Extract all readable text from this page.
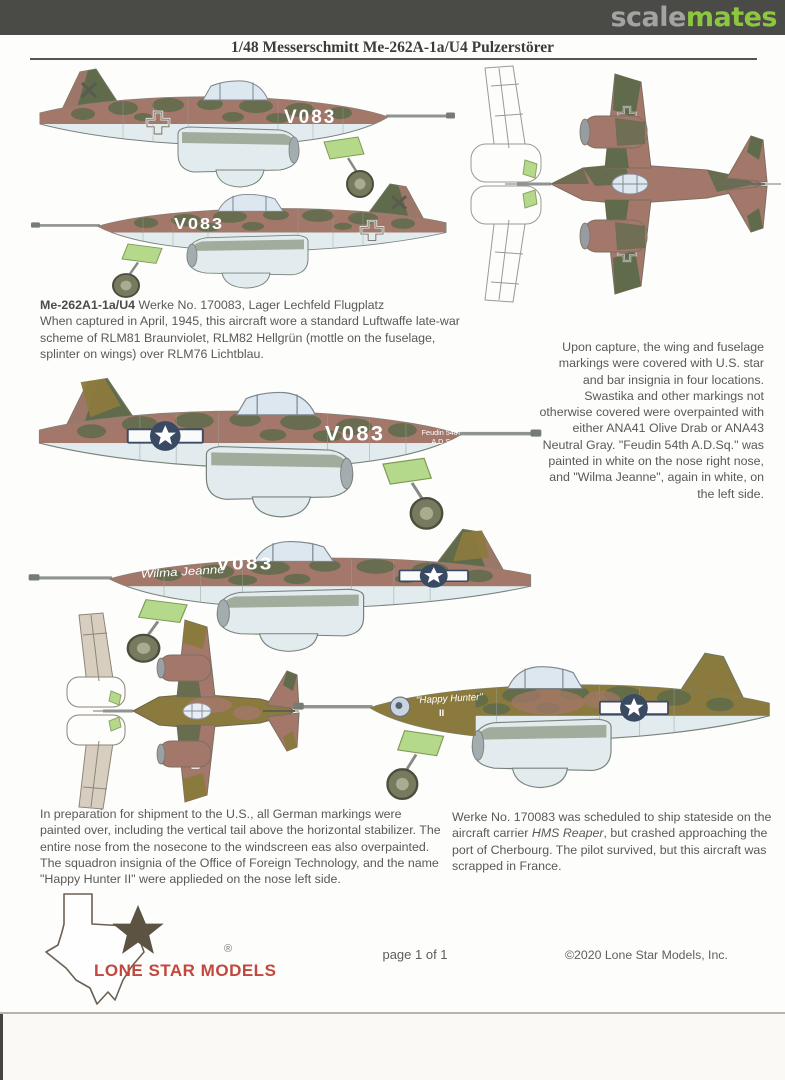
scalemates
1/48 Messerschmitt Me-262A-1a/U4 Pulzerstörer
V083
V083
Me-262A1-1a/U4 Werke No. 170083, Lager Lechfeld Flugplatz
When captured in April, 1945, this aircraft wore a standard Luftwaffe late-war scheme of RLM81 Braunviolet, RLM82 Hellgrün (mottle on the fuselage, splinter on wings) over RLM76 Lichtblau.	Upon capture, the wing and fuselage markings were covered with U.S. star and bar insignia in four locations. Swastika and other markings not otherwise covered were overpainted with either ANA41 Olive Drab or ANA43 Neutral Gray. "Feudin 54th A.D.Sq." was painted in white on the nose right nose, and "Wilma Jeanne", again in white, on the left side.
V083	Feudin 54th
A.D.Sq.
V083
Wilma Jeanne
"Happy Hunter"
II
In preparation for shipment to the U.S., all German markings were painted over, including the vertical tail above the horizontal stabilizer. The entire nose from the nosecone to the windscreen eas also overpainted. The squadron insignia of the Office of Foreign Technology, and the name "Happy Hunter II" were applieded on the nose left side.
Werke No. 170083 was scheduled to ship stateside on the aircraft carrier HMS Reaper, but crashed approaching the port of Cherbourg. The pilot survived, but this aircraft was scrapped in France.
LONE STAR MODELS
®	page 1 of 1	©2020 Lone Star Models, Inc.
